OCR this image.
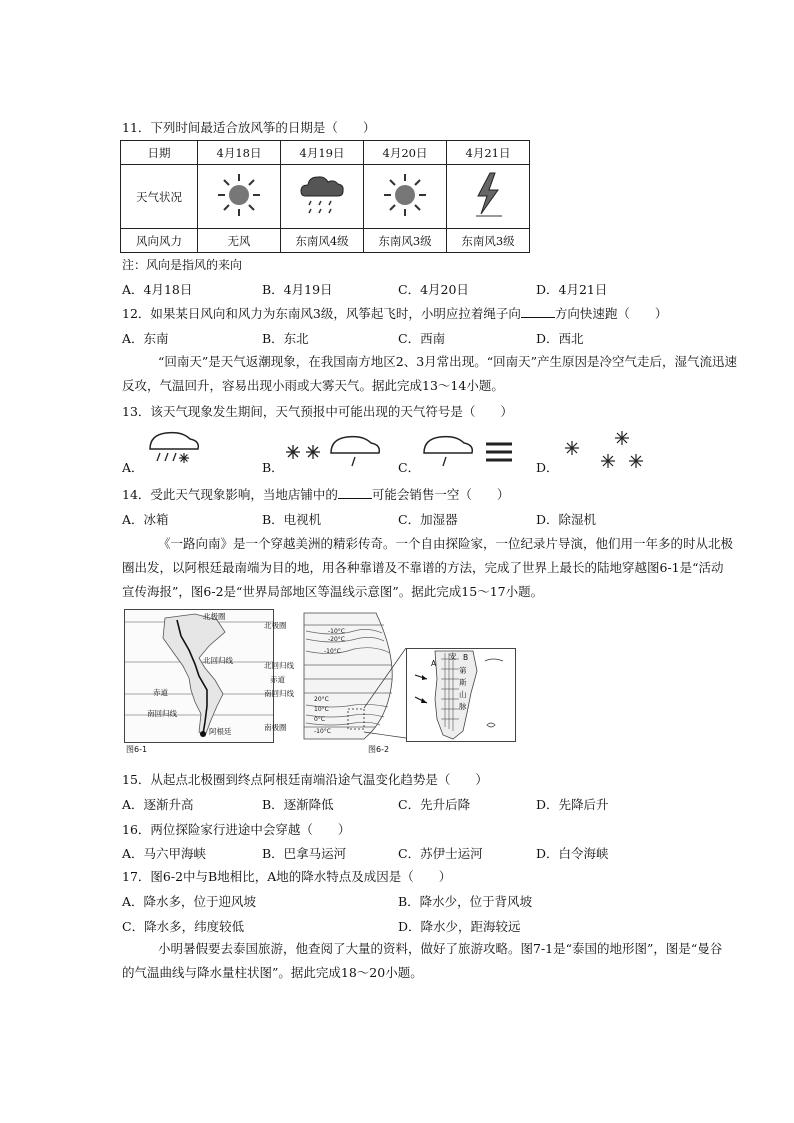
11．下列时间最适合放风筝的日期是（　　）
日期	4月18日	4月19日	4月20日	4月21日
天气状况				
风向风力	无风	东南风4级	东南风3级	东南风3级
注：风向是指风的来向
A．4月18日	B．4月19日	C．4月20日	D．4月21日
12．如果某日风向和风力为东南风3级，风筝起飞时，小明应拉着绳子向	方向快速跑（　　）
A．东南	B．东北	C．西南	D．西北
“回南天”是天气返潮现象，在我国南方地区2、3月常出现。“回南天”产生原因是冷空气走后，湿气流迅速反攻，气温回升，容易出现小雨或大雾天气。据此完成13～14小题。
13．该天气现象发生期间，天气预报中可能出现的天气符号是（　　）
A．	B．	C．	D．
14．受此天气现象影响，当地店铺中的	可能会销售一空（　　）
A．冰箱	B．电视机	C．加湿器	D．除湿机
《一路向南》是一个穿越美洲的精彩传奇。一个自由探险家，一位纪录片导演，他们用一年多的时从北极圈出发，以阿根廷最南端为目的地，用各种靠谱及不靠谱的方法，完成了世界上最长的陆地穿越图6-1是“活动宣传海报”，图6-2是“世界局部地区等温线示意图”。据此完成15～17小题。
北极圈
北回归线
赤道
南回归线
阿根廷
图6-1
北极圈
北回归线
赤道
南回归线
南极圈
-10°C
-20°C
-10°C
20°C
10°C
0°C
-10°C
图6-2
安
第
斯
山
脉
A
B
15．从起点北极圈到终点阿根廷南端沿途气温变化趋势是（　　）
A．逐渐升高	B．逐渐降低	C．先升后降	D．先降后升
16．两位探险家行进途中会穿越（　　）
A．马六甲海峡	B．巴拿马运河	C．苏伊士运河	D．白令海峡
17．图6-2中与B地相比，A地的降水特点及成因是（　　）
A．降水多，位于迎风坡	B．降水少，位于背风坡
C．降水多，纬度较低	D．降水少，距海较远
小明暑假要去泰国旅游，他查阅了大量的资料，做好了旅游攻略。图7-1是“泰国的地形图”，图是“曼谷的气温曲线与降水量柱状图”。据此完成18～20小题。
